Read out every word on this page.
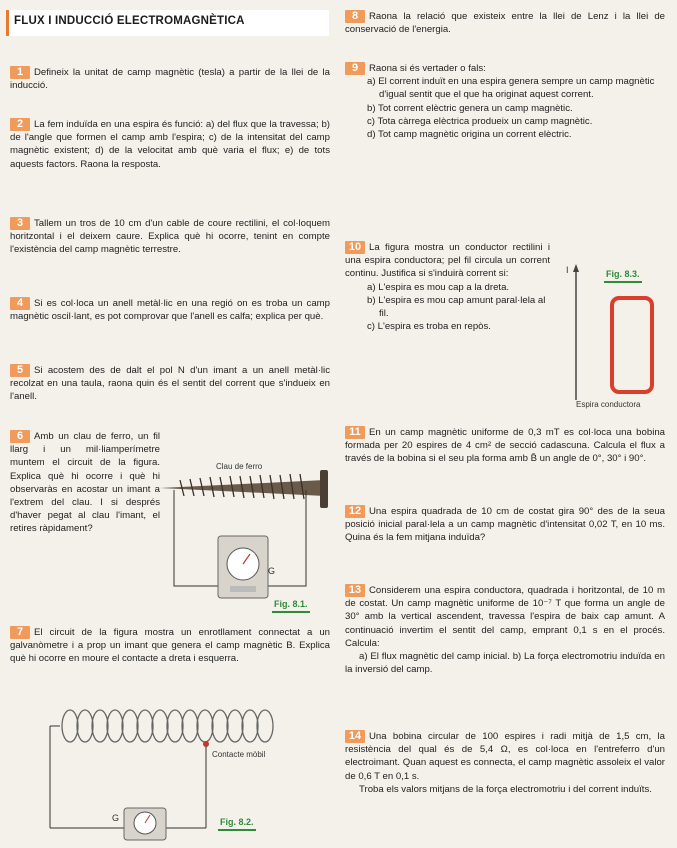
FLUX I INDUCCIÓ ELECTROMAGNÈTICA

1 Defineix la unitat de camp magnètic (tesla) a partir de la llei de la inducció.

2 La fem induïda en una espira és funció: a) del flux que la travessa; b) de l'angle que formen el camp amb l'espira; c) de la intensitat del camp magnètic existent; d) de la velocitat amb què varia el flux; e) de tots aquests factors. Raona la resposta.

3 Tallem un tros de 10 cm d'un cable de coure rectilini, el col·loquem horitzontal i el deixem caure. Explica què hi ocorre, tenint en compte l'existència del camp magnètic terrestre.

4 Si es col·loca un anell metàl·lic en una regió on es troba un camp magnètic oscil·lant, es pot comprovar que l'anell es calfa; explica per què.

5 Si acostem des de dalt el pol N d'un imant a un anell metàl·lic recolzat en una taula, raona quin és el sentit del corrent que s'indueix en l'anell.

6 Amb un clau de ferro, un fil llarg i un mil·liamperímetre muntem el circuit de la figura. Explica què hi ocorre i què hi observaràs en acostar un imant a l'extrem del clau. I si després d'haver pegat al clau l'imant, el retires ràpidament?

Clau de ferro
G
Fig. 8.1.

7 El circuit de la figura mostra un enrotllament connectat a un galvanòmetre i a prop un imant que genera el camp magnètic B. Explica què hi ocorre en moure el contacte a dreta i esquerra.

Contacte mòbil
G	Fig. 8.2.

8 Raona la relació que existeix entre la llei de Lenz i la llei de conservació de l'energia.

9 Raona si és vertader o fals:

a) El corrent induït en una espira genera sempre un camp magnètic d'igual sentit que el que ha originat aquest corrent.
b) Tot corrent elèctric genera un camp magnètic.
c) Tota càrrega elèctrica produeix un camp magnètic.
d) Tot camp magnètic origina un corrent elèctric.

10 La figura mostra un conductor rectilini i una espira conductora; pel fil circula un corrent continu. Justifica si s'induirà corrent si:

a) L'espira es mou cap a la dreta.
b) L'espira es mou cap amunt paral·lela al fil.
c) L'espira es troba en repòs.
Fig. 8.3.
I
Espira conductora

11 En un camp magnètic uniforme de 0,3 mT es col·loca una bobina formada per 20 espires de 4 cm² de secció cadascuna. Calcula el flux a través de la bobina si el seu pla forma amb B̄ un angle de 0°, 30° i 90°.

12 Una espira quadrada de 10 cm de costat gira 90° des de la seua posició inicial paral·lela a un camp magnètic d'intensitat 0,02 T, en 10 ms. Quina és la fem mitjana induïda?

13 Considerem una espira conductora, quadrada i horitzontal, de 10 m de costat. Un camp magnètic uniforme de 10⁻⁷ T que forma un angle de 30° amb la vertical ascendent, travessa l'espira de baix cap amunt. A continuació invertim el sentit del camp, emprant 0,1 s en el procés. Calcula:

a) El flux magnètic del camp inicial. b) La força electromotriu induïda en la inversió del camp.

14 Una bobina circular de 100 espires i radi mitjà de 1,5 cm, la resistència del qual és de 5,4 Ω, es col·loca en l'entreferro d'un electroimant. Quan aquest es connecta, el camp magnètic assoleix el valor de 0,6 T en 0,1 s.

Troba els valors mitjans de la força electromotriu i del corrent induïts.
